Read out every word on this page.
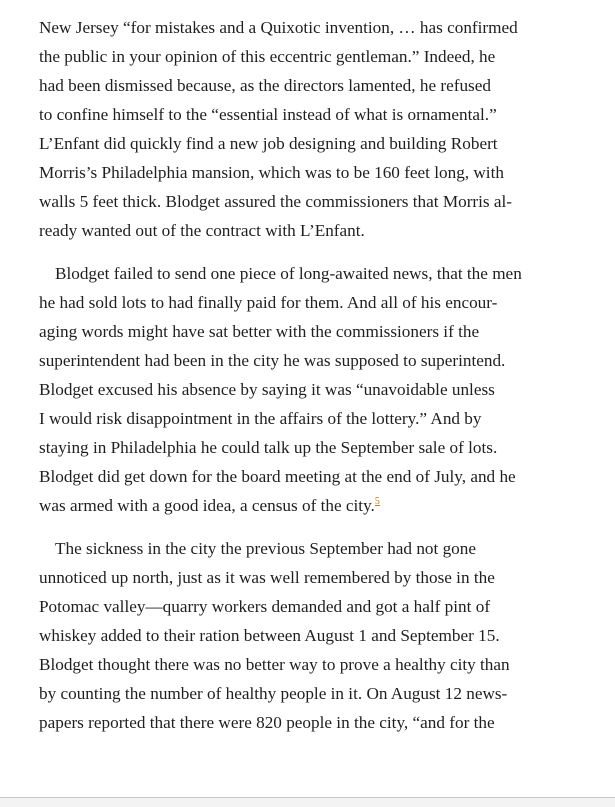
New Jersey “for mistakes and a Quixotic invention, … has confirmed
the public in your opinion of this eccentric gentleman.” Indeed, he
had been dismissed because, as the directors lamented, he refused
to confine himself to the “essential instead of what is ornamental.”
L’Enfant did quickly find a new job designing and building Robert
Morris’s Philadelphia mansion, which was to be 160 feet long, with
walls 5 feet thick. Blodget assured the commissioners that Morris al-
ready wanted out of the contract with L’Enfant.

Blodget failed to send one piece of long-awaited news, that the men
he had sold lots to had finally paid for them. And all of his encour-
aging words might have sat better with the commissioners if the
superintendent had been in the city he was supposed to superintend.
Blodget excused his absence by saying it was “unavoidable unless
I would risk disappointment in the affairs of the lottery.” And by
staying in Philadelphia he could talk up the September sale of lots.
Blodget did get down for the board meeting at the end of July, and he
was armed with a good idea, a census of the city.$^5$

The sickness in the city the previous September had not gone
unnoticed up north, just as it was well remembered by those in the
Potomac valley—quarry workers demanded and got a half pint of
whiskey added to their ration between August 1 and September 15.
Blodget thought there was no better way to prove a healthy city than
by counting the number of healthy people in it. On August 12 news-
papers reported that there were 820 people in the city, “and for the
